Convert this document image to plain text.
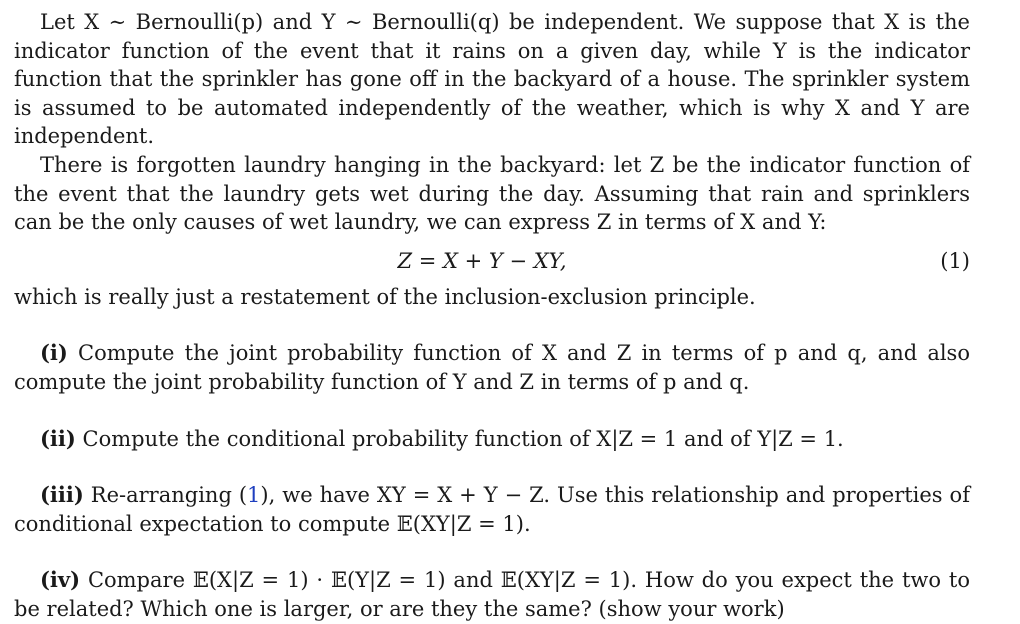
Let X ∼ Bernoulli(p) and Y ∼ Bernoulli(q) be independent. We suppose that X is the indicator function of the event that it rains on a given day, while Y is the indicator function that the sprinkler has gone off in the backyard of a house. The sprinkler system is assumed to be automated independently of the weather, which is why X and Y are independent.

There is forgotten laundry hanging in the backyard: let Z be the indicator function of the event that the laundry gets wet during the day. Assuming that rain and sprinklers can be the only causes of wet laundry, we can express Z in terms of X and Y:

Z = X + Y − XY,	(1)

which is really just a restatement of the inclusion-exclusion principle.

(i) Compute the joint probability function of X and Z in terms of p and q, and also compute the joint probability function of Y and Z in terms of p and q.

(ii) Compute the conditional probability function of X|Z = 1 and of Y|Z = 1.

(iii) Re-arranging (1), we have XY = X + Y − Z. Use this relationship and properties of conditional expectation to compute 𝔼(XY|Z = 1).

(iv) Compare 𝔼(X|Z = 1) · 𝔼(Y|Z = 1) and 𝔼(XY|Z = 1). How do you expect the two to be related? Which one is larger, or are they the same? (show your work)
